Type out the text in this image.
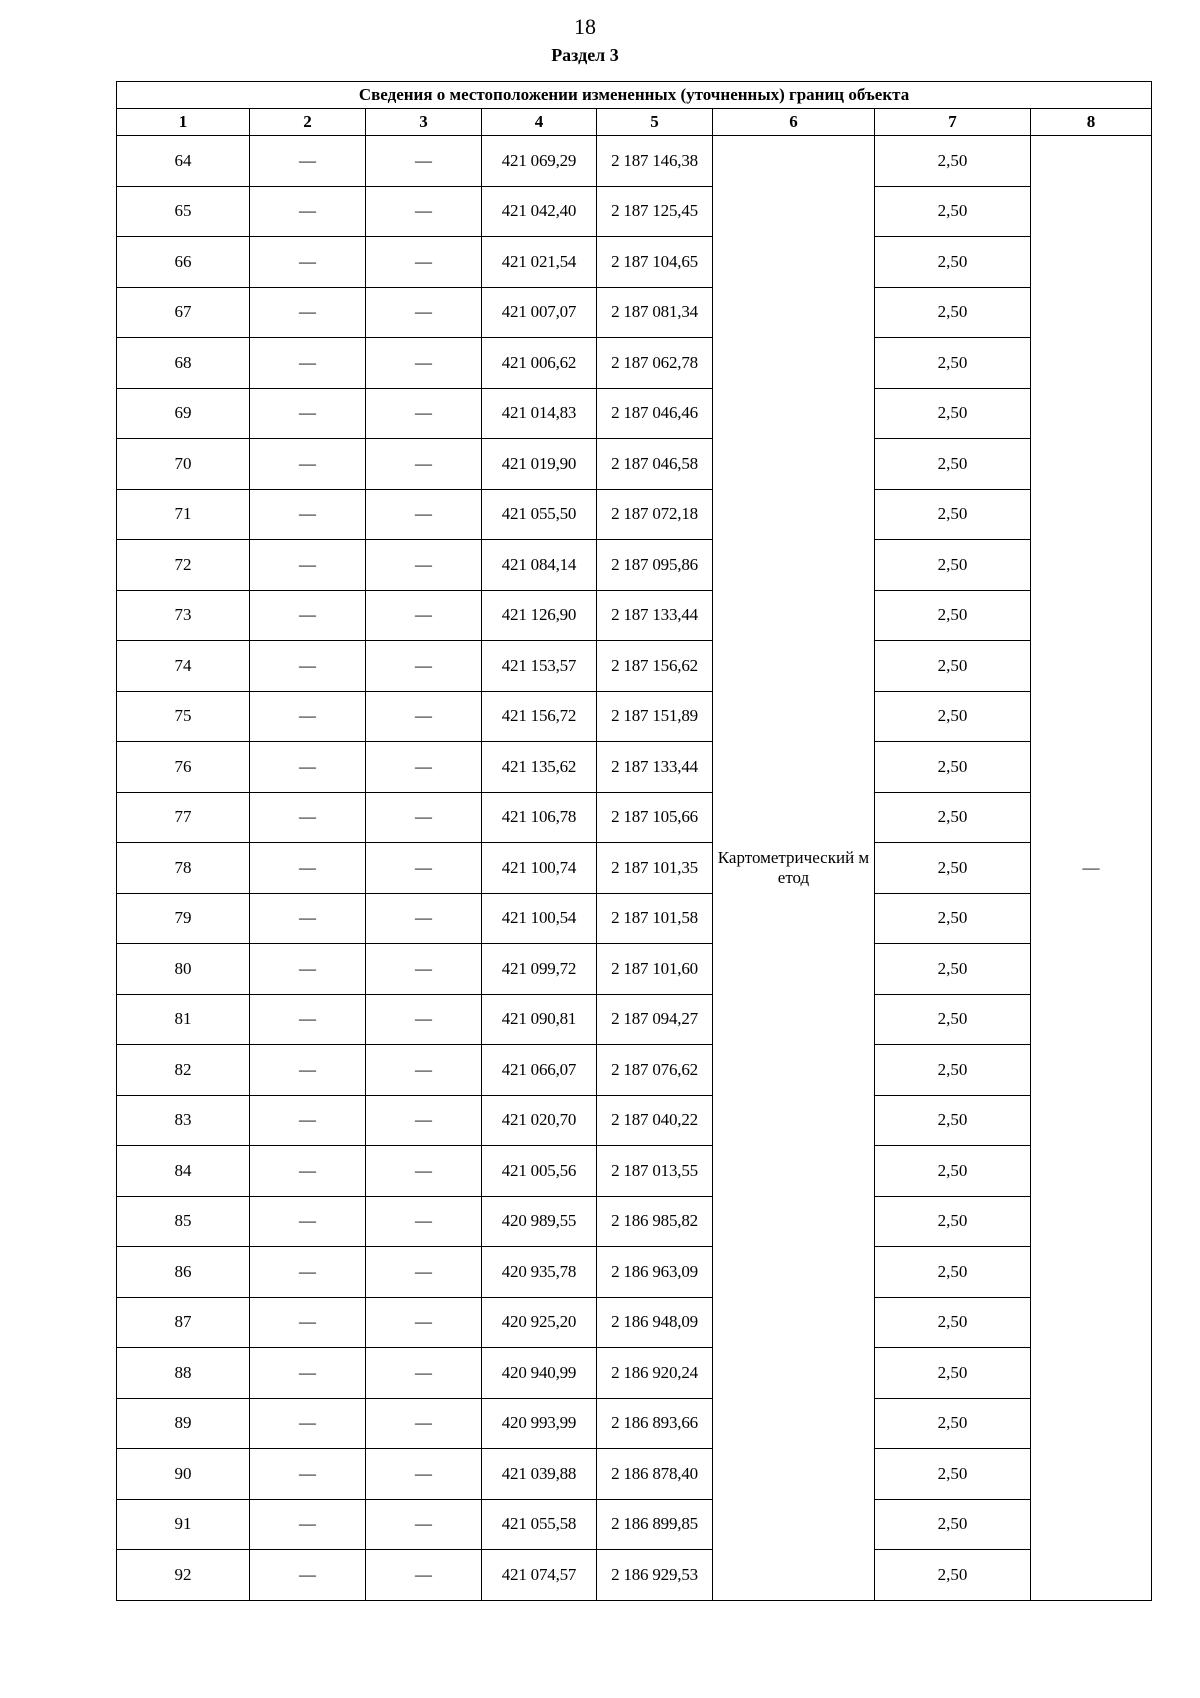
18
Раздел 3
Сведения о местоположении измененных (уточненных) границ объекта							
1	2	3	4	5	6	7	8
64	—	—	421 069,29	2 187 146,38	Картометрический метод	2,50	—
65	—	—	421 042,40	2 187 125,45		2,50	
66	—	—	421 021,54	2 187 104,65		2,50	
67	—	—	421 007,07	2 187 081,34		2,50	
68	—	—	421 006,62	2 187 062,78		2,50	
69	—	—	421 014,83	2 187 046,46		2,50	
70	—	—	421 019,90	2 187 046,58		2,50	
71	—	—	421 055,50	2 187 072,18		2,50	
72	—	—	421 084,14	2 187 095,86		2,50	
73	—	—	421 126,90	2 187 133,44		2,50	
74	—	—	421 153,57	2 187 156,62		2,50	
75	—	—	421 156,72	2 187 151,89		2,50	
76	—	—	421 135,62	2 187 133,44		2,50	
77	—	—	421 106,78	2 187 105,66		2,50	
78	—	—	421 100,74	2 187 101,35		2,50	
79	—	—	421 100,54	2 187 101,58		2,50	
80	—	—	421 099,72	2 187 101,60		2,50	
81	—	—	421 090,81	2 187 094,27		2,50	
82	—	—	421 066,07	2 187 076,62		2,50	
83	—	—	421 020,70	2 187 040,22		2,50	
84	—	—	421 005,56	2 187 013,55		2,50	
85	—	—	420 989,55	2 186 985,82		2,50	
86	—	—	420 935,78	2 186 963,09		2,50	
87	—	—	420 925,20	2 186 948,09		2,50	
88	—	—	420 940,99	2 186 920,24		2,50	
89	—	—	420 993,99	2 186 893,66		2,50	
90	—	—	421 039,88	2 186 878,40		2,50	
91	—	—	421 055,58	2 186 899,85		2,50	
92	—	—	421 074,57	2 186 929,53		2,50	
